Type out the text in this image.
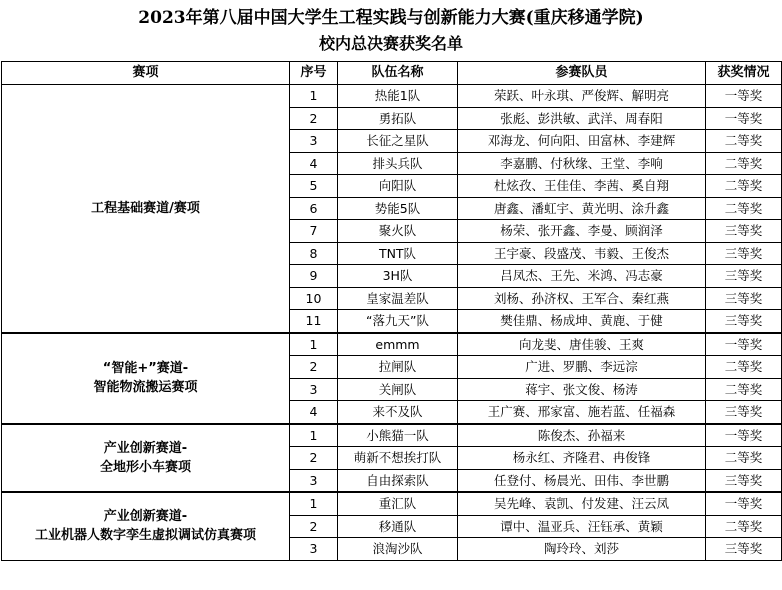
2023年第八届中国大学生工程实践与创新能力大赛(重庆移通学院)
校内总决赛获奖名单
赛项	序号	队伍名称	参赛队员	获奖情况
工程基础赛道/赛项	1	热能1队	荣跃、叶永琪、严俊辉、解明亮	一等奖
	2	勇拓队	张彪、彭洪敏、武洋、周春阳	一等奖
	3	长征之星队	邓海龙、何向阳、田富林、李建辉	二等奖
	4	排头兵队	李嘉鹏、付秋缘、王堂、李响	二等奖
	5	向阳队	杜炫孜、王佳佳、李茜、奚自翔	二等奖
	6	势能5队	唐鑫、潘虹宇、黄光明、涂升鑫	二等奖
	7	聚火队	杨荣、张开鑫、李曼、顾润泽	三等奖
	8	TNT队	王宇豪、段盛茂、韦毅、王俊杰	三等奖
	9	3H队	吕凤杰、王先、米鸿、冯志豪	三等奖
	10	皇家温差队	刘杨、孙济权、王军合、秦红燕	三等奖
	11	“落九天”队	樊佳鼎、杨成坤、黄鹿、于健	三等奖

“智能+”赛道-
智能物流搬运赛项	1	emmm	向龙斐、唐佳骏、王爽	一等奖
	2	拉闸队	广进、罗鹏、李远淙	二等奖
	3	关闸队	蒋宇、张文俊、杨涛	二等奖
	4	来不及队	王广赛、邢家富、施若蓝、任福森	三等奖

产业创新赛道-
全地形小车赛项	1	小熊猫一队	陈俊杰、孙福来	一等奖
	2	萌新不想挨打队	杨永红、齐隆君、冉俊锋	二等奖
	3	自由探索队	任登付、杨晨光、田伟、李世鹏	三等奖

产业创新赛道-
工业机器人数字孪生虚拟调试仿真赛项	1	重汇队	吴先峰、袁凯、付发建、汪云凤	一等奖
	2	移通队	谭中、温亚兵、汪钰承、黄颖	二等奖
	3	浪淘沙队	陶玲玲、刘莎	三等奖
